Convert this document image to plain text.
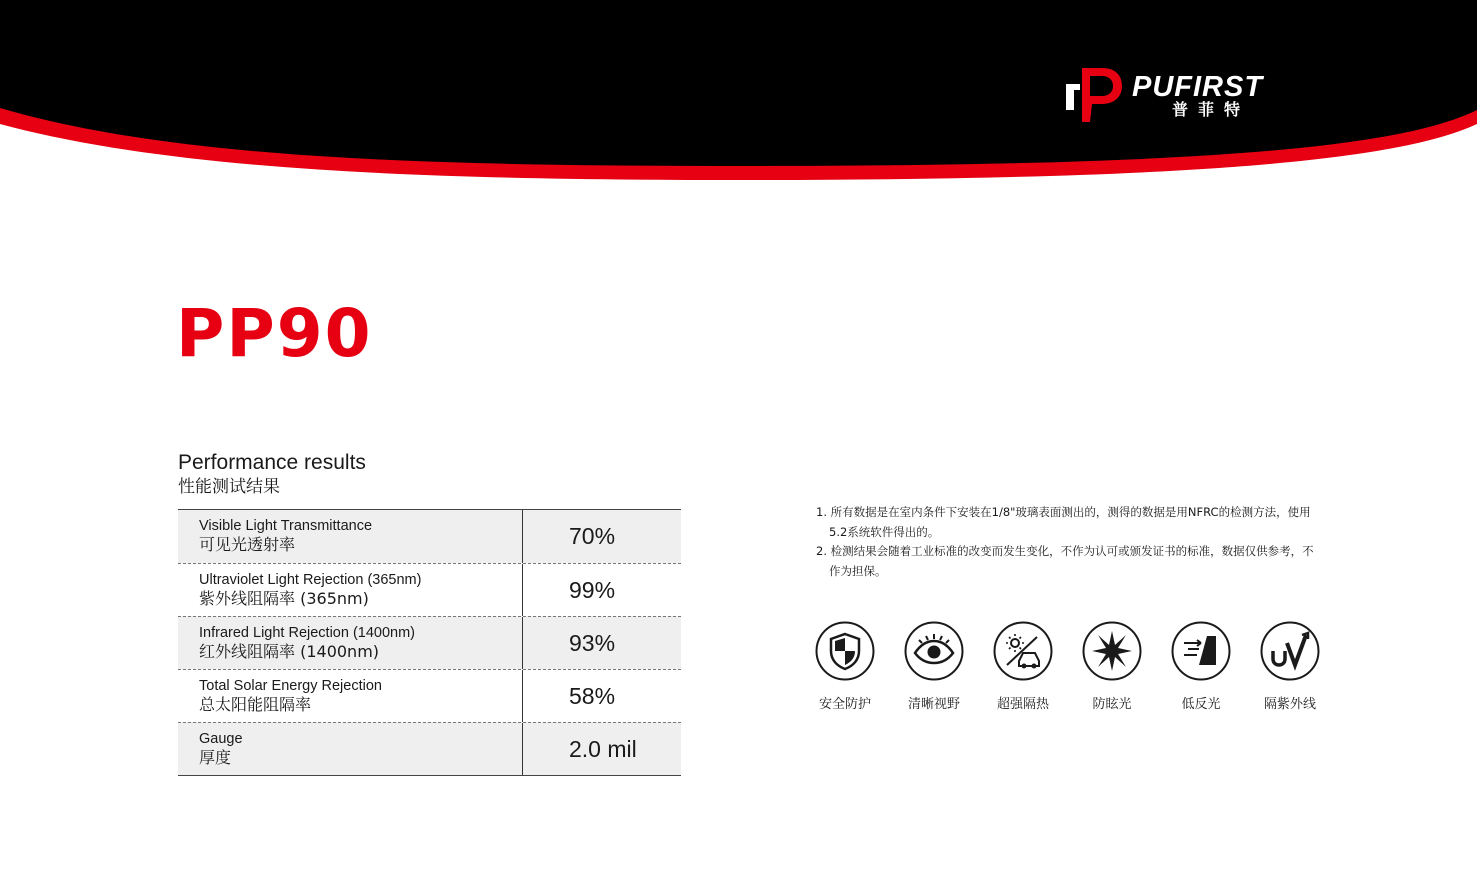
PUFIRST
普菲特
PP90
Performance results
性能测试结果
Visible Light Transmittance
可见光透射率	70%
Ultraviolet Light Rejection (365nm)
紫外线阻隔率 (365nm)	99%
Infrared Light Rejection (1400nm)
红外线阻隔率 (1400nm)	93%
Total Solar Energy Rejection
总太阳能阻隔率	58%
Gauge
厚度	2.0 mil
1. 所有数据是在室内条件下安装在1/8"玻璃表面测出的，测得的数据是用NFRC的检测方法，使用5.2系统软件得出的。
2. 检测结果会随着工业标准的改变而发生变化，不作为认可或颁发证书的标准，数据仅供参考，不作为担保。
安全防护	清晰视野	超强隔热	防眩光	低反光	隔紫外线
